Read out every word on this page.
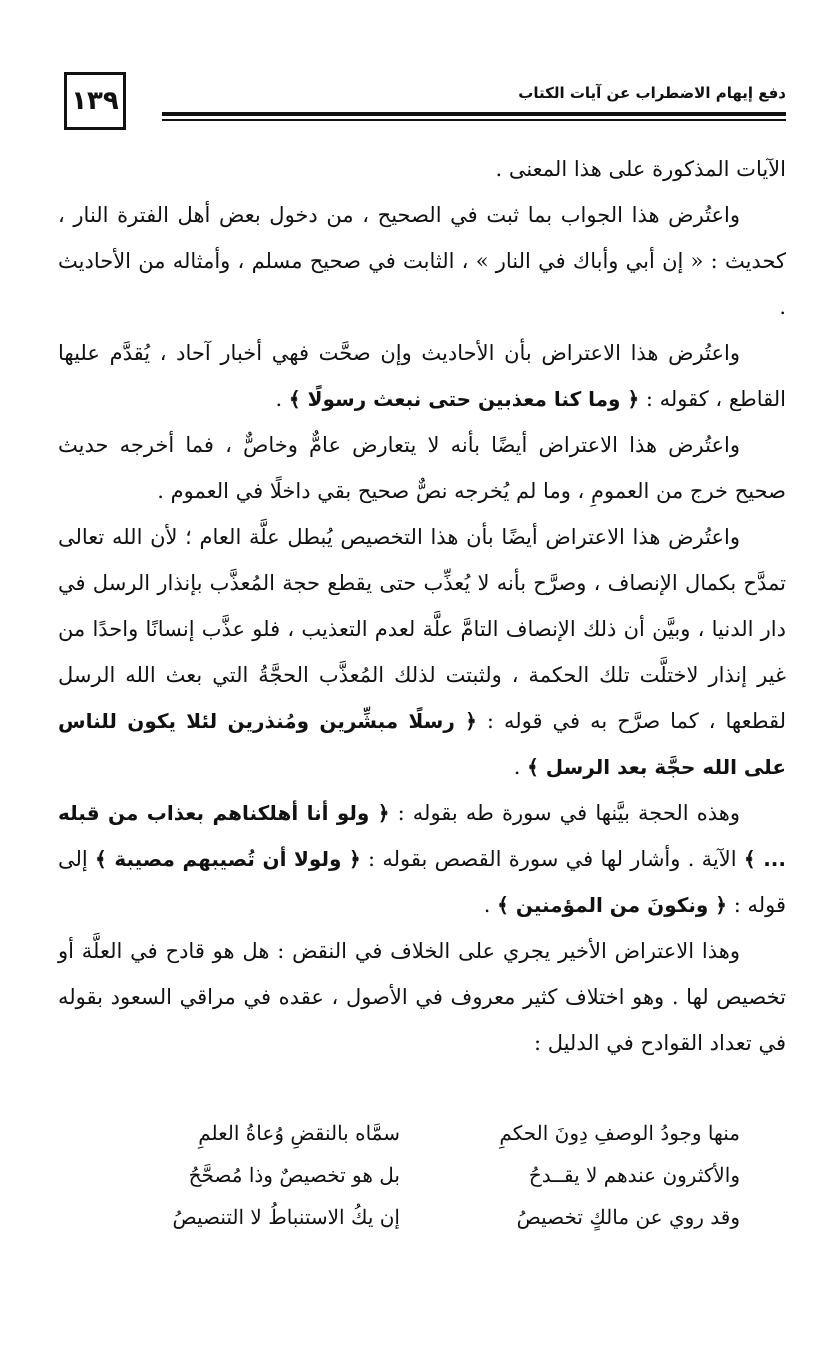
١٣٩	دفع إيهام الاضطراب عن آيات الكتاب

الآيات المذكورة على هذا المعنى .

واعتُرض هذا الجواب بما ثبت في الصحيح ، من دخول بعض أهل الفترة النار ، كحديث : « إن أبي وأباك في النار » ، الثابت في صحيح مسلم ، وأمثاله من الأحاديث .

واعتُرض هذا الاعتراض بأن الأحاديث وإن صحَّت فهي أخبار آحاد ، يُقدَّم عليها القاطع ، كقوله : ﴿ وما كنا معذبين حتى نبعث رسولًا ﴾ .

واعتُرض هذا الاعتراض أيضًا بأنه لا يتعارض عامٌّ وخاصٌّ ، فما أخرجه حديث صحيح خرج من العمومِ ، وما لم يُخرجه نصٌّ صحيح بقي داخلًا في العموم .

واعتُرض هذا الاعتراض أيضًا بأن هذا التخصيص يُبطل علَّة العام ؛ لأن الله تعالى تمدَّح بكمال الإنصاف ، وصرَّح بأنه لا يُعذِّب حتى يقطع حجة المُعذَّب بإنذار الرسل في دار الدنيا ، وبيَّن أن ذلك الإنصاف التامَّ علَّة لعدم التعذيب ، فلو عذَّب إنسانًا واحدًا من غير إنذار لاختلَّت تلك الحكمة ، ولثبتت لذلك المُعذَّب الحجَّةُ التي بعث الله الرسل لقطعها ، كما صرَّح به في قوله : ﴿ رسلًا مبشِّرين ومُنذرين لئلا يكون للناس على الله حجَّة بعد الرسل ﴾ .

وهذه الحجة بيَّنها في سورة طه بقوله : ﴿ ولو أنا أهلكناهم بعذاب من قبله ... ﴾ الآية . وأشار لها في سورة القصص بقوله : ﴿ ولولا أن تُصيبهم مصيبة ﴾ إلى قوله : ﴿ ونكونَ من المؤمنين ﴾ .

وهذا الاعتراض الأخير يجري على الخلاف في النقض : هل هو قادح في العلَّة أو تخصيص لها . وهو اختلاف كثير معروف في الأصول ، عقده في مراقي السعود بقوله في تعداد القوادح في الدليل :

منها وجودُ الوصفِ دِونَ الحكمِ
سمَّاه بالنقضِ وُعاةُ العلمِ
والأكثرون عندهم لا يقــدحُ
بل هو تخصيصٌ وذا مُصحَّحُ
وقد روي عن مالكٍ تخصيصُ
إن يكُ الاستنباطُ لا التنصيصُ
